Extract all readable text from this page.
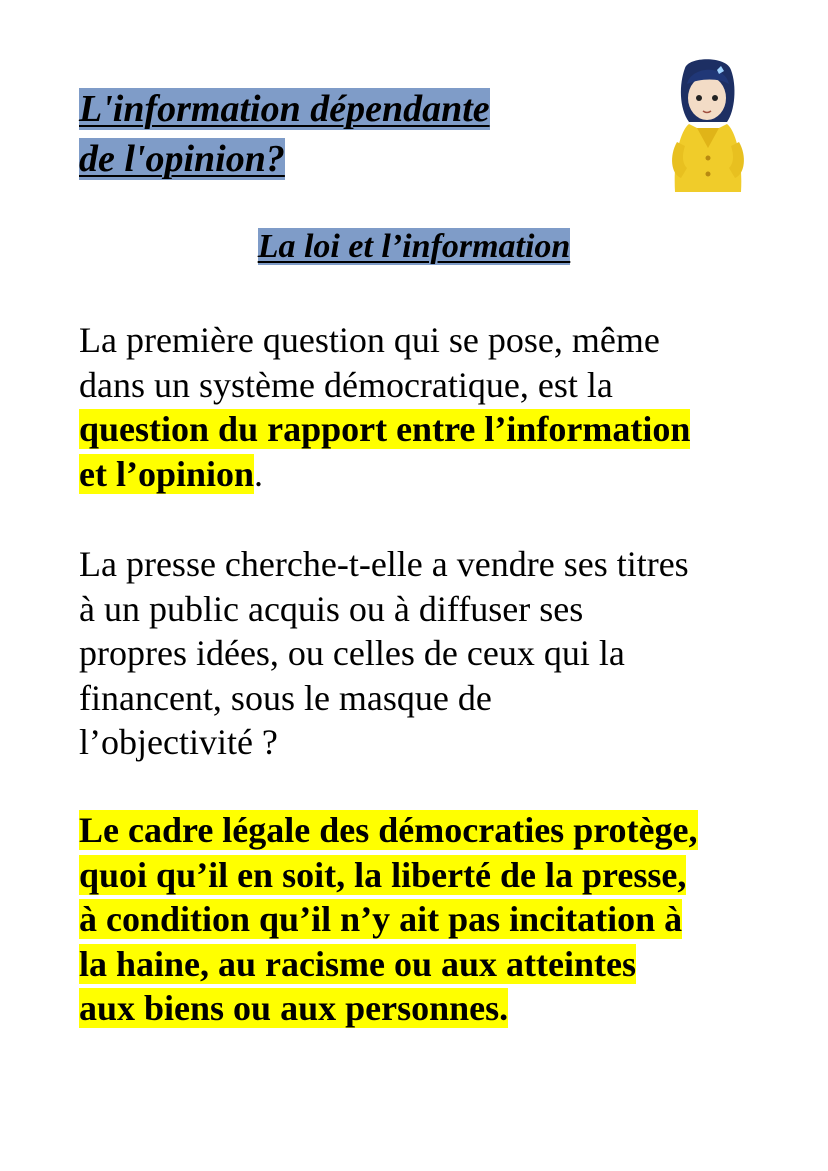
L'information dépendante
de l'opinion?
La loi et l’information

La première question qui se pose, même
dans un système démocratique, est la
question du rapport entre l’information
et l’opinion.

La presse cherche-t-elle a vendre ses titres
à un public acquis ou à diffuser ses
propres idées, ou celles de ceux qui la
financent, sous le masque de
l’objectivité ?

Le cadre légale des démocraties protège,
quoi qu’il en soit, la liberté de la presse,
à condition qu’il n’y ait pas incitation à
la haine, au racisme ou aux atteintes
aux biens ou aux personnes.
